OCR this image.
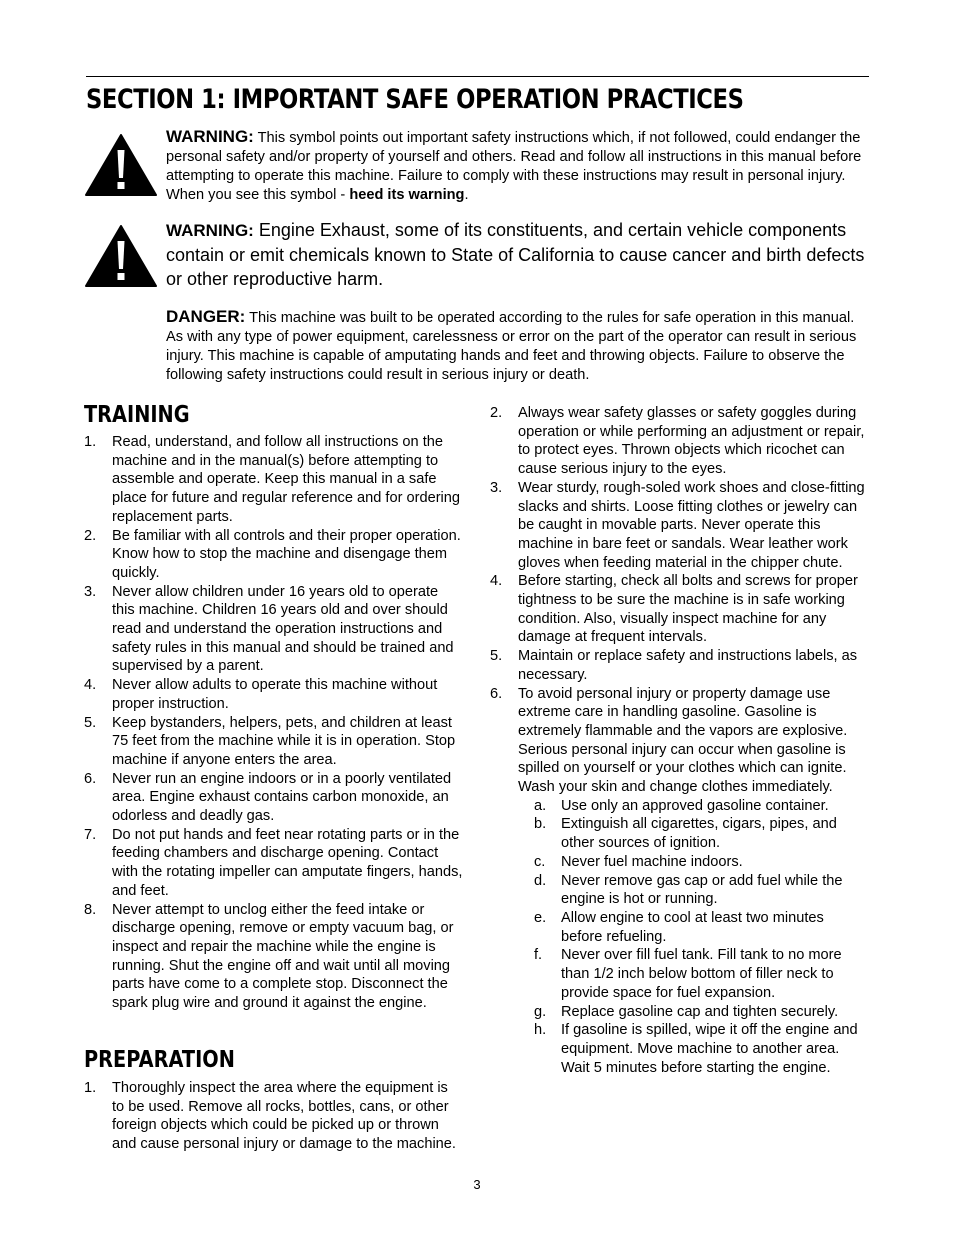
SECTION 1: IMPORTANT SAFE OPERATION PRACTICES

WARNING: This symbol points out important safety instructions which, if not followed, could endanger the personal safety and/or property of yourself and others. Read and follow all instructions in this manual before attempting to operate this machine. Failure to comply with these instructions may result in personal injury. When you see this symbol - heed its warning.

WARNING: Engine Exhaust, some of its constituents, and certain vehicle components contain or emit chemicals known to State of California to cause cancer and birth defects or other reproductive harm.

DANGER: This machine was built to be operated according to the rules for safe operation in this manual. As with any type of power equipment, carelessness or error on the part of the operator can result in serious injury. This machine is capable of amputating hands and feet and throwing objects. Failure to observe the following safety instructions could result in serious injury or death.

TRAINING
1. Read, understand, and follow all instructions on the machine and in the manual(s) before attempting to assemble and operate. Keep this manual in a safe place for future and regular reference and for ordering replacement parts.
2. Be familiar with all controls and their proper operation. Know how to stop the machine and disengage them quickly.
3. Never allow children under 16 years old to operate this machine. Children 16 years old and over should read and understand the operation instructions and safety rules in this manual and should be trained and supervised by a parent.
4. Never allow adults to operate this machine without proper instruction.
5. Keep bystanders, helpers, pets, and children at least 75 feet from the machine while it is in operation. Stop machine if anyone enters the area.
6. Never run an engine indoors or in a poorly ventilated area. Engine exhaust contains carbon monoxide, an odorless and deadly gas.
7. Do not put hands and feet near rotating parts or in the feeding chambers and discharge opening. Contact with the rotating impeller can amputate fingers, hands, and feet.
8. Never attempt to unclog either the feed intake or discharge opening, remove or empty vacuum bag, or inspect and repair the machine while the engine is running. Shut the engine off and wait until all moving parts have come to a complete stop. Disconnect the spark plug wire and ground it against the engine.
PREPARATION
1. Thoroughly inspect the area where the equipment is to be used. Remove all rocks, bottles, cans, or other foreign objects which could be picked up or thrown and cause personal injury or damage to the machine.
2. Always wear safety glasses or safety goggles during operation or while performing an adjustment or repair, to protect eyes. Thrown objects which ricochet can cause serious injury to the eyes.
3. Wear sturdy, rough-soled work shoes and close-fitting slacks and shirts. Loose fitting clothes or jewelry can be caught in movable parts. Never operate this machine in bare feet or sandals. Wear leather work gloves when feeding material in the chipper chute.
4. Before starting, check all bolts and screws for proper tightness to be sure the machine is in safe working condition. Also, visually inspect machine for any damage at frequent intervals.
5. Maintain or replace safety and instructions labels, as necessary.
6. To avoid personal injury or property damage use extreme care in handling gasoline. Gasoline is extremely flammable and the vapors are explosive. Serious personal injury can occur when gasoline is spilled on yourself or your clothes which can ignite. Wash your skin and change clothes immediately.
a. Use only an approved gasoline container.
b. Extinguish all cigarettes, cigars, pipes, and other sources of ignition.
c. Never fuel machine indoors.
d. Never remove gas cap or add fuel while the engine is hot or running.
e. Allow engine to cool at least two minutes before refueling.
f. Never over fill fuel tank. Fill tank to no more than 1/2 inch below bottom of filler neck to provide space for fuel expansion.
g. Replace gasoline cap and tighten securely.
h. If gasoline is spilled, wipe it off the engine and equipment. Move machine to another area. Wait 5 minutes before starting the engine.
3
